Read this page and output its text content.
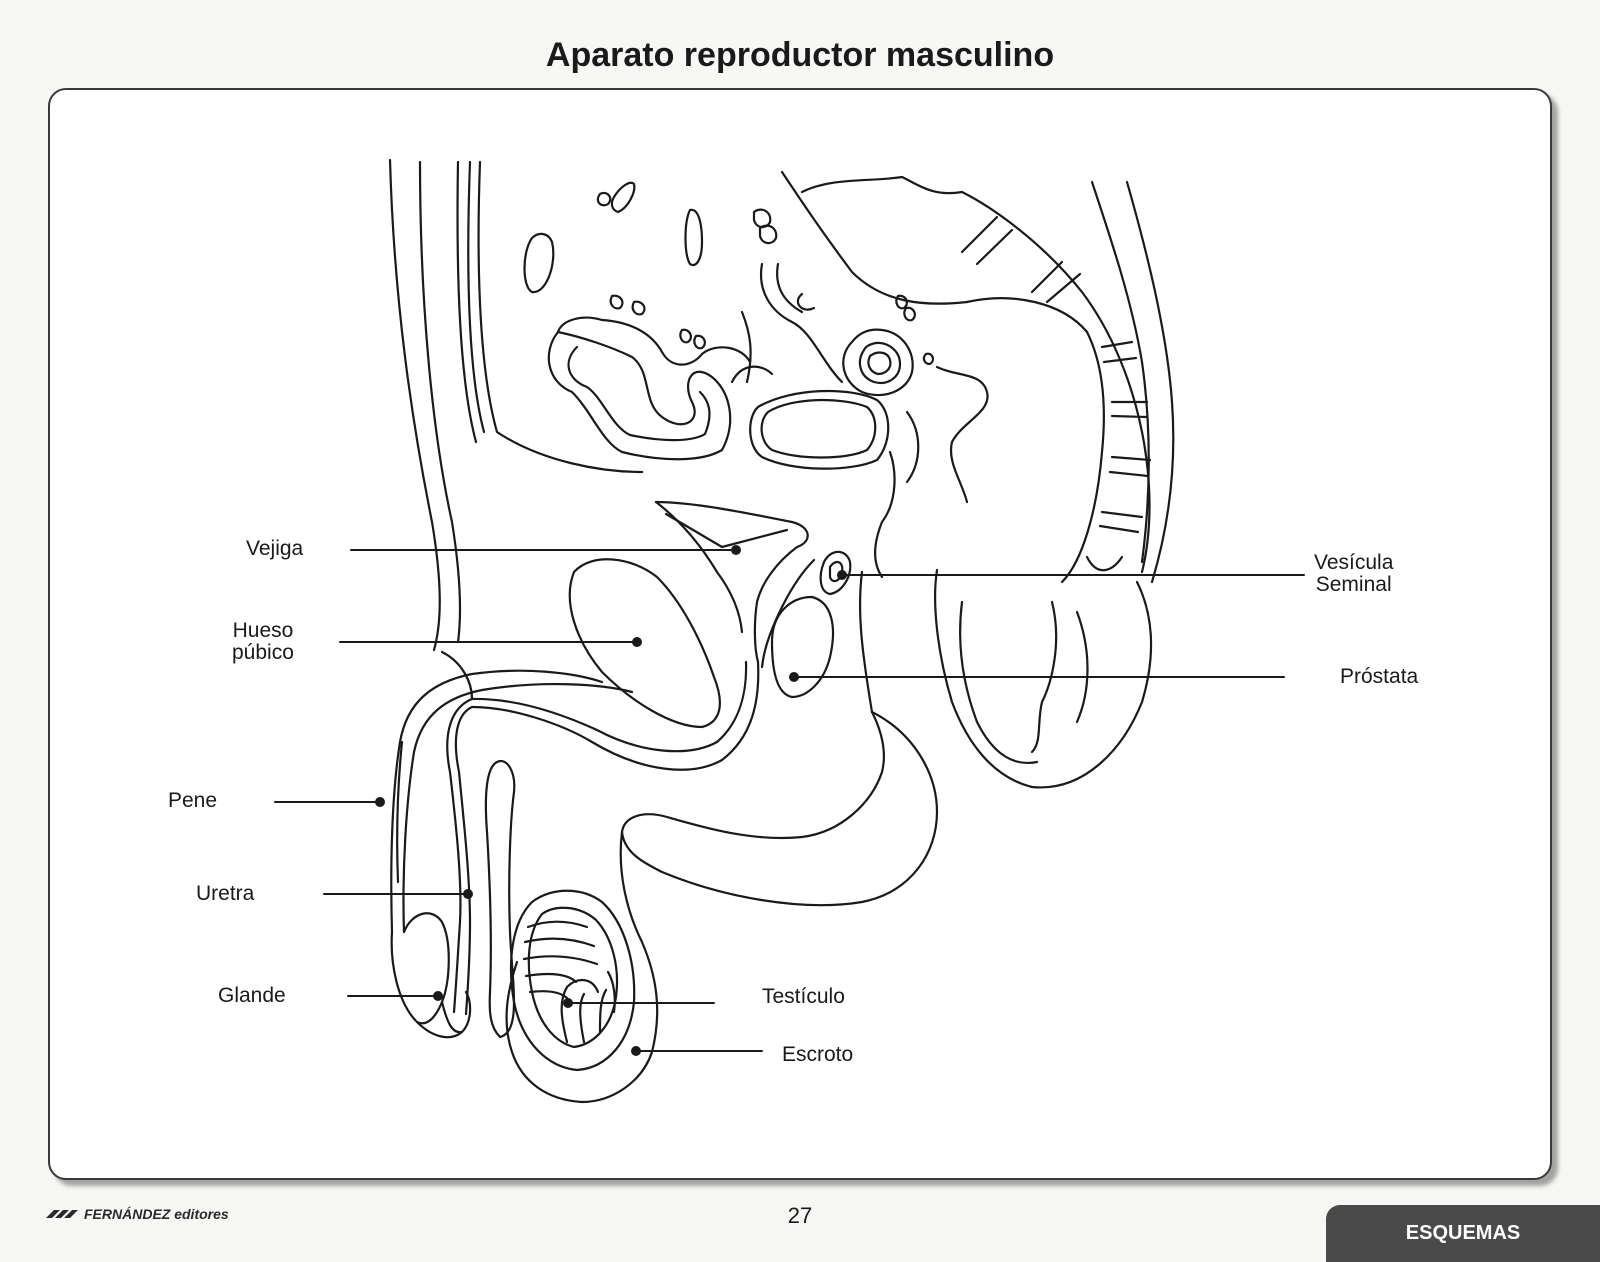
Aparato reproductor masculino
Vejiga
Hueso
púbico
Pene
Uretra
Glande	Testículo
Escroto
Vesícula
Seminal
Próstata
FERNÁNDEZ editores	27
ESQUEMAS
